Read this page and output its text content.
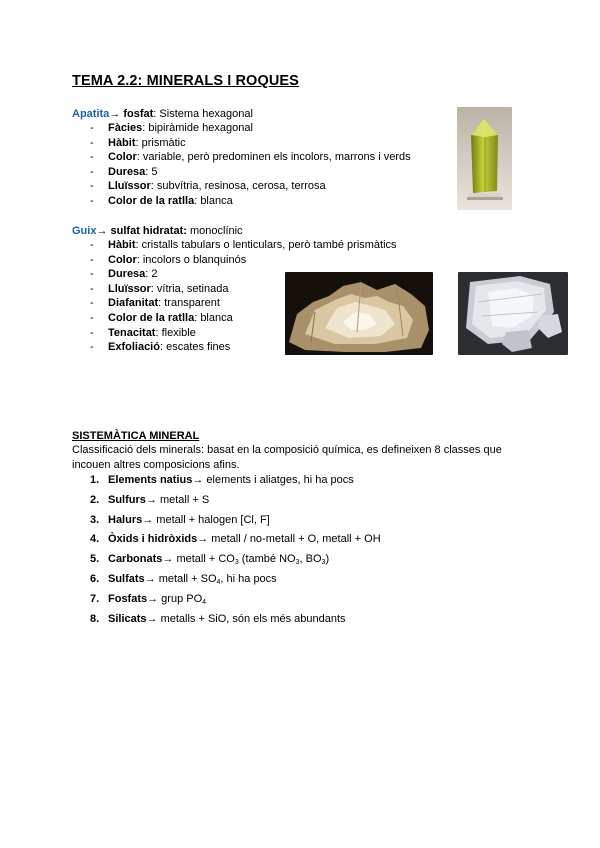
TEMA 2.2: MINERALS I ROQUES
Apatita→ fosfat: Sistema hexagonal
- Fàcies: bipiràmide hexagonal
- Hàbit: prismàtic
- Color: variable, però predominen els incolors, marrons i verds
- Duresa: 5
- Lluïssor: subvítria, resinosa, cerosa, terrosa
- Color de la ratlla: blanca
Guix→ sulfat hidratat: monoclínic
- Hàbit: cristalls tabulars o lenticulars, però també prismàtics
- Color: incolors o blanquinós
- Duresa: 2
- Lluïssor: vítria, setinada
- Diafanitat: transparent
- Color de la ratlla: blanca
- Tenacitat: flexible
- Exfoliació: escates fines
SISTEMÀTICA MINERAL
Classificació dels minerals: basat en la composició química, es defineixen 8 classes que incouen altres composicions afins.
1. Elements natius→ elements i aliatges, hi ha pocs
2. Sulfurs→ metall + S
3. Halurs→ metall + halogen [Cl, F]
4. Òxids i hidròxids→ metall / no-metall + O, metall + OH
5. Carbonats→ metall + $CO_3$ (també $NO_3$, $BO_3$)
6. Sulfats→ metall + $SO_4$, hi ha pocs
7. Fosfats→ grup $PO_4$
8. Silicats→ metalls + SiO, són els més abundants
